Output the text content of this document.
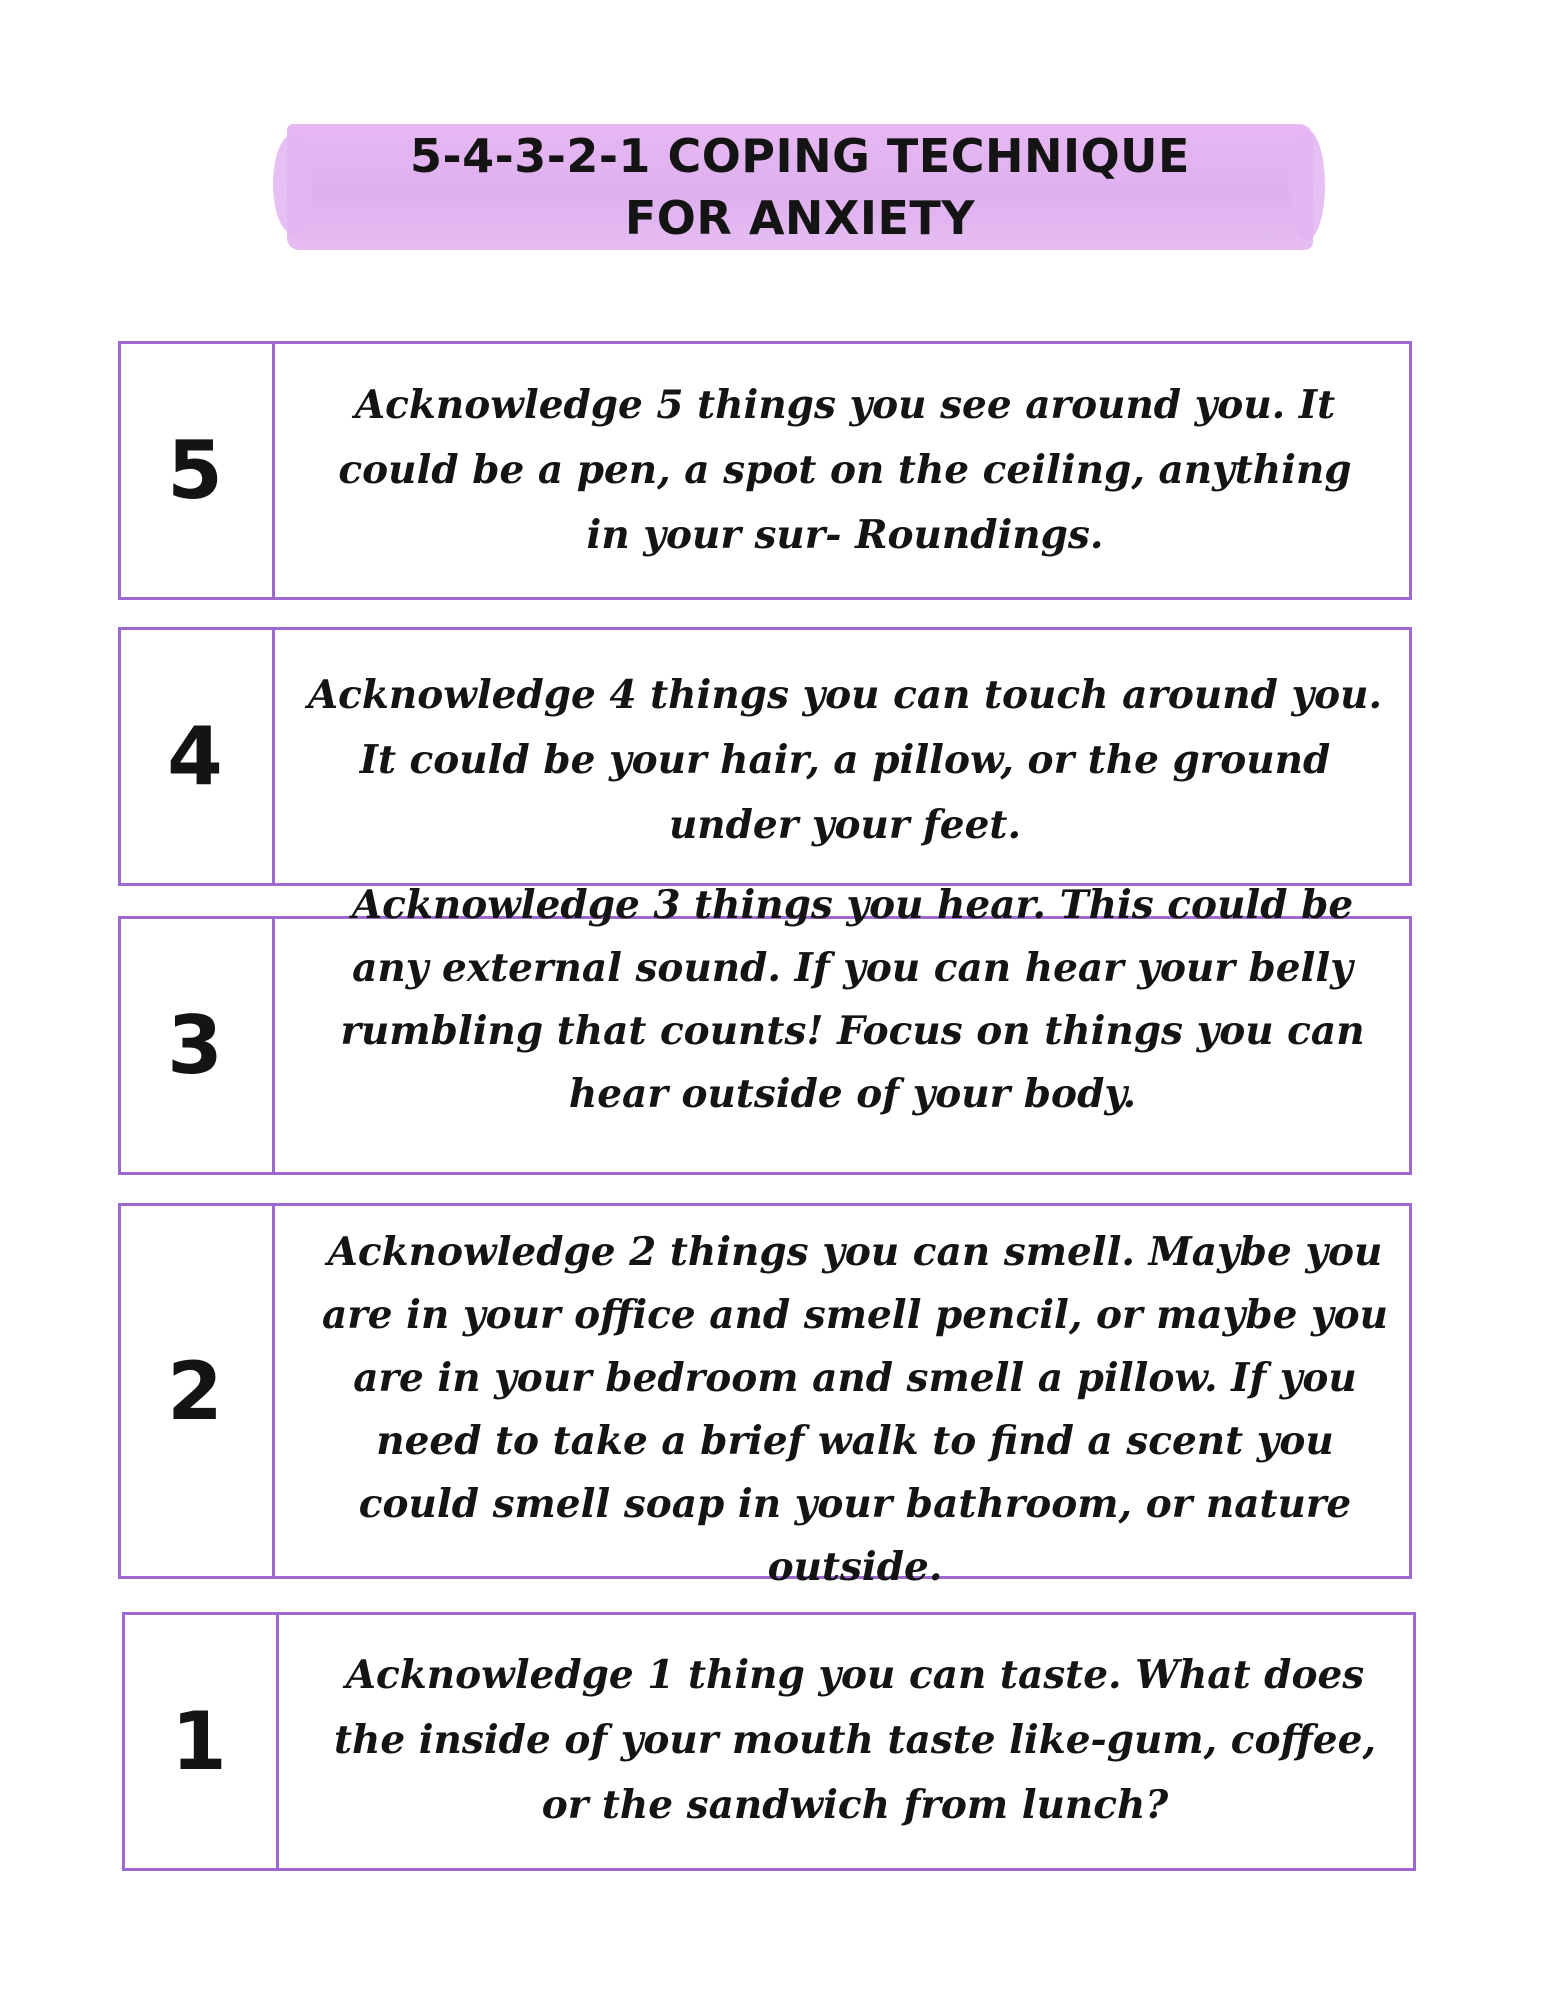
5-4-3-2-1 COPING TECHNIQUE
FOR ANXIETY
5
Acknowledge 5 things you see around you. It could be a pen, a spot on the ceiling, anything in your sur- Roundings.
4
Acknowledge 4 things you can touch around you. It could be your hair, a pillow, or the ground under your feet.
3
Acknowledge 3 things you hear. This could be any external sound. If you can hear your belly rumbling that counts! Focus on things you can hear outside of your body.
2
Acknowledge 2 things you can smell. Maybe you are in your office and smell pencil, or maybe you are in your bedroom and smell a pillow. If you need to take a brief walk to find a scent you could smell soap in your bathroom, or nature outside.
1
Acknowledge 1 thing you can taste. What does the inside of your mouth taste like-gum, coffee, or the sandwich from lunch?
